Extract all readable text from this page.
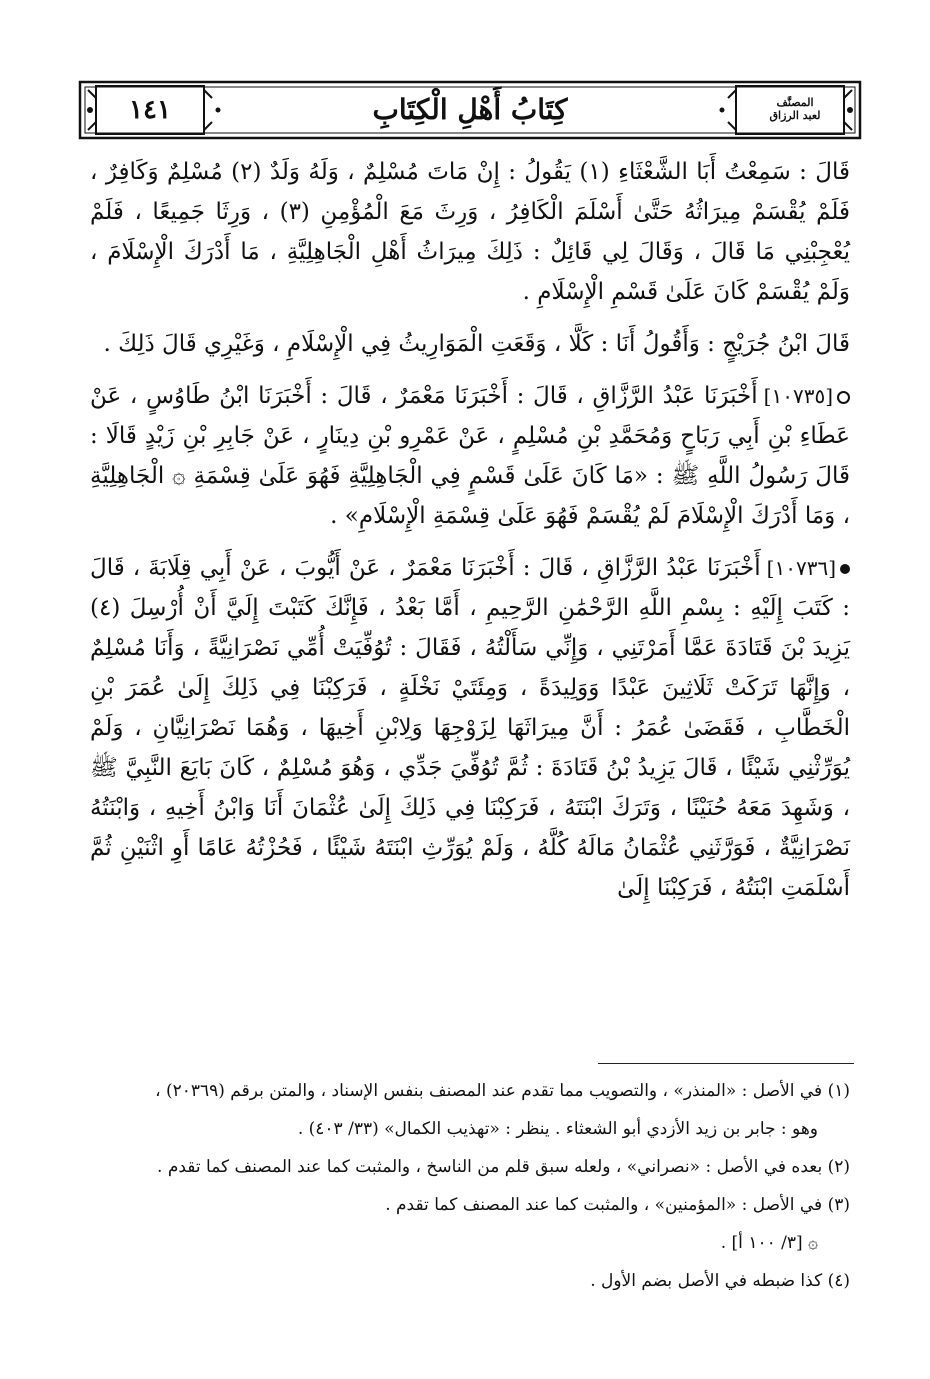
كِتَابُ أَهْلِ الْكِتَابِ
١٤١	المصنَّف
لعبد الرزاق

قَالَ : سَمِعْتُ أَبَا الشَّعْثَاءِ (١) يَقُولُ : إِنْ مَاتَ مُسْلِمٌ ، وَلَهُ وَلَدٌ (٢) مُسْلِمٌ وَكَافِرٌ ، فَلَمْ يُقْسَمْ مِيرَاثُهُ حَتَّىٰ أَسْلَمَ الْكَافِرُ ، وَرِثَ مَعَ الْمُؤْمِنِ (٣) ، وَرِثَا جَمِيعًا ، فَلَمْ يُعْجِبْنِي مَا قَالَ ، وَقَالَ لِي قَائِلٌ : ذَلِكَ مِيرَاثُ أَهْلِ الْجَاهِلِيَّةِ ، مَا أَدْرَكَ الْإِسْلَامَ ، وَلَمْ يُقْسَمْ كَانَ عَلَىٰ قَسْمِ الْإِسْلَامِ .

قَالَ ابْنُ جُرَيْجٍ : وَأَقُولُ أَنَا : كَلَّا ، وَقَعَتِ الْمَوَارِيثُ فِي الْإِسْلَامِ ، وَغَيْرِي قَالَ ذَلِكَ .

[١٠٧٣٥]أَخْبَرَنَا عَبْدُ الرَّزَّاقِ ، قَالَ : أَخْبَرَنَا مَعْمَرٌ ، قَالَ : أَخْبَرَنَا ابْنُ طَاوُسٍ ، عَنْ عَطَاءِ بْنِ أَبِي رَبَاحٍ وَمُحَمَّدِ بْنِ مُسْلِمٍ ، عَنْ عَمْرِو بْنِ دِينَارٍ ، عَنْ جَابِرِ بْنِ زَيْدٍ قَالَا : قَالَ رَسُولُ اللَّهِ ﷺ : «مَا كَانَ عَلَىٰ قَسْمٍ فِي الْجَاهِلِيَّةِ فَهُوَ عَلَىٰ قِسْمَةِ ۞ الْجَاهِلِيَّةِ ، وَمَا أَدْرَكَ الْإِسْلَامَ لَمْ يُقْسَمْ فَهُوَ عَلَىٰ قِسْمَةِ الْإِسْلَامِ» .

[١٠٧٣٦]أَخْبَرَنَا عَبْدُ الرَّزَّاقِ ، قَالَ : أَخْبَرَنَا مَعْمَرٌ ، عَنْ أَيُّوبَ ، عَنْ أَبِي قِلَابَةَ ، قَالَ : كَتَبَ إِلَيْهِ : بِسْمِ اللَّهِ الرَّحْمَٰنِ الرَّحِيمِ ، أَمَّا بَعْدُ ، فَإِنَّكَ كَتَبْتَ إِلَيَّ أَنْ أُرْسِلَ (٤) يَزِيدَ بْنَ قَتَادَةَ عَمَّا أَمَرْتَنِي ، وَإِنِّي سَأَلْتُهُ ، فَقَالَ : تُوُفِّيَتْ أُمِّي نَصْرَانِيَّةً ، وَأَنَا مُسْلِمٌ ، وَإِنَّهَا تَرَكَتْ ثَلَاثِينَ عَبْدًا وَوَلِيدَةً ، وَمِئَتَيْ نَخْلَةٍ ، فَرَكِبْنَا فِي ذَلِكَ إِلَىٰ عُمَرَ بْنِ الْخَطَّابِ ، فَقَضَىٰ عُمَرُ : أَنَّ مِيرَاثَهَا لِزَوْجِهَا وَلِابْنِ أَخِيهَا ، وَهُمَا نَصْرَانِيَّانِ ، وَلَمْ يُوَرِّثْنِي شَيْئًا ، قَالَ يَزِيدُ بْنُ قَتَادَةَ : ثُمَّ تُوُفِّيَ جَدِّي ، وَهُوَ مُسْلِمٌ ، كَانَ بَايَعَ النَّبِيَّ ﷺ ، وَشَهِدَ مَعَهُ حُنَيْنًا ، وَتَرَكَ ابْنَتَهُ ، فَرَكِبْنَا فِي ذَلِكَ إِلَىٰ عُثْمَانَ أَنَا وَابْنُ أَخِيهِ ، وَابْنَتُهُ نَصْرَانِيَّةٌ ، فَوَرَّثَنِي عُثْمَانُ مَالَهُ كُلَّهُ ، وَلَمْ يُوَرِّثِ ابْنَتَهُ شَيْئًا ، فَحُزْتُهُ عَامًا أَوِ اثْنَيْنِ ثُمَّ أَسْلَمَتِ ابْنَتُهُ ، فَرَكِبْنَا إِلَىٰ

(١) في الأصل : «المنذر» ، والتصويب مما تقدم عند المصنف بنفس الإسناد ، والمتن برقم (٢٠٣٦٩) ،

وهو : جابر بن زيد الأزدي أبو الشعثاء . ينظر : «تهذيب الكمال» (٣٣/ ٤٠٣) .

(٢) بعده في الأصل : «نصراني» ، ولعله سبق قلم من الناسخ ، والمثبت كما عند المصنف كما تقدم .

(٣) في الأصل : «المؤمنين» ، والمثبت كما عند المصنف كما تقدم .

۞ [٣/ ١٠٠ أ] .

(٤) كذا ضبطه في الأصل بضم الأول .
